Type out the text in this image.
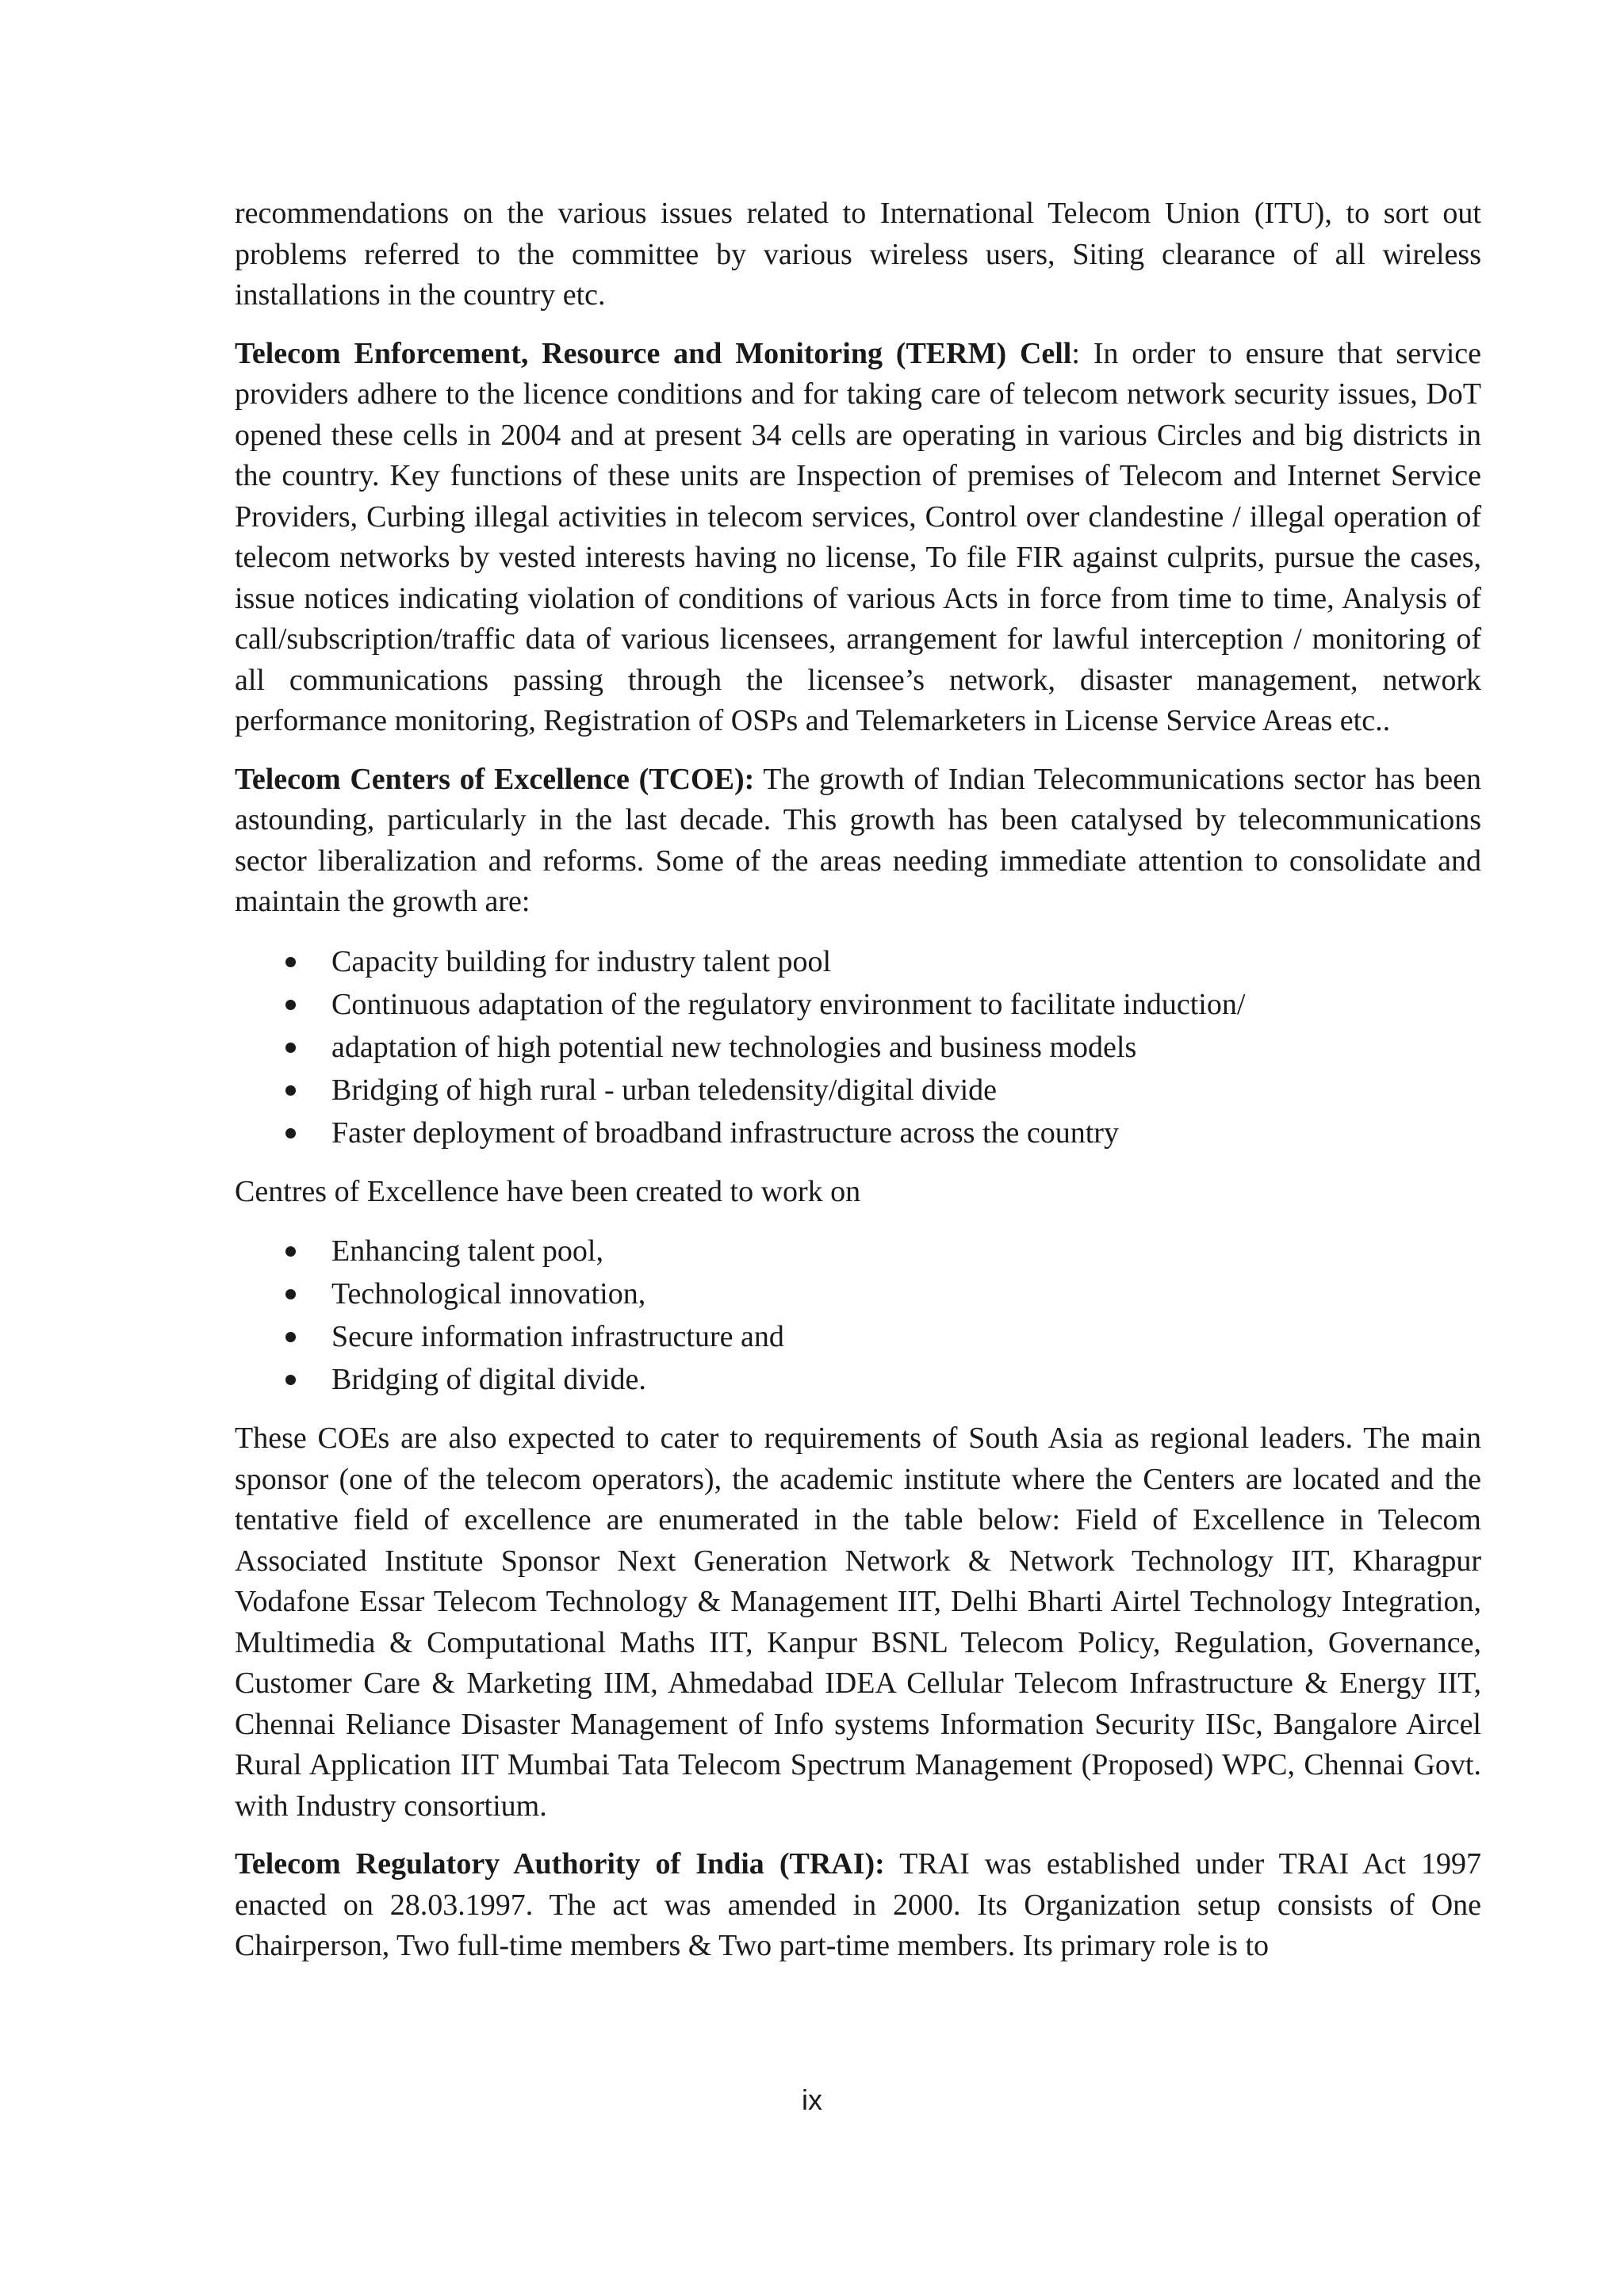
recommendations on the various issues related to International Telecom Union (ITU), to sort out problems referred to the committee by various wireless users, Siting clearance of all wireless installations in the country etc.

Telecom Enforcement, Resource and Monitoring (TERM) Cell: In order to ensure that service providers adhere to the licence conditions and for taking care of telecom network security issues, DoT opened these cells in 2004 and at present 34 cells are operating in various Circles and big districts in the country. Key functions of these units are Inspection of premises of Telecom and Internet Service Providers, Curbing illegal activities in telecom services, Control over clandestine / illegal operation of telecom networks by vested interests having no license, To file FIR against culprits, pursue the cases, issue notices indicating violation of conditions of various Acts in force from time to time, Analysis of call/subscription/traffic data of various licensees, arrangement for lawful interception / monitoring of all communications passing through the licensee’s network, disaster management, network performance monitoring, Registration of OSPs and Telemarketers in License Service Areas etc..

Telecom Centers of Excellence (TCOE): The growth of Indian Telecommunications sector has been astounding, particularly in the last decade. This growth has been catalysed by telecommunications sector liberalization and reforms. Some of the areas needing immediate attention to consolidate and maintain the growth are:

Capacity building for industry talent pool
Continuous adaptation of the regulatory environment to facilitate induction/
adaptation of high potential new technologies and business models
Bridging of high rural - urban teledensity/digital divide
Faster deployment of broadband infrastructure across the country

Centres of Excellence have been created to work on

Enhancing talent pool,
Technological innovation,
Secure information infrastructure and
Bridging of digital divide.

These COEs are also expected to cater to requirements of South Asia as regional leaders. The main sponsor (one of the telecom operators), the academic institute where the Centers are located and the tentative field of excellence are enumerated in the table below: Field of Excellence in Telecom Associated Institute Sponsor Next Generation Network & Network Technology IIT, Kharagpur Vodafone Essar Telecom Technology & Management IIT, Delhi Bharti Airtel Technology Integration, Multimedia & Computational Maths IIT, Kanpur BSNL Telecom Policy, Regulation, Governance, Customer Care & Marketing IIM, Ahmedabad IDEA Cellular Telecom Infrastructure & Energy IIT, Chennai Reliance Disaster Management of Info systems Information Security IISc, Bangalore Aircel Rural Application IIT Mumbai Tata Telecom Spectrum Management (Proposed) WPC, Chennai Govt. with Industry consortium.

Telecom Regulatory Authority of India (TRAI): TRAI was established under TRAI Act 1997 enacted on 28.03.1997. The act was amended in 2000. Its Organization setup consists of One Chairperson, Two full-time members & Two part-time members. Its primary role is to

ix
